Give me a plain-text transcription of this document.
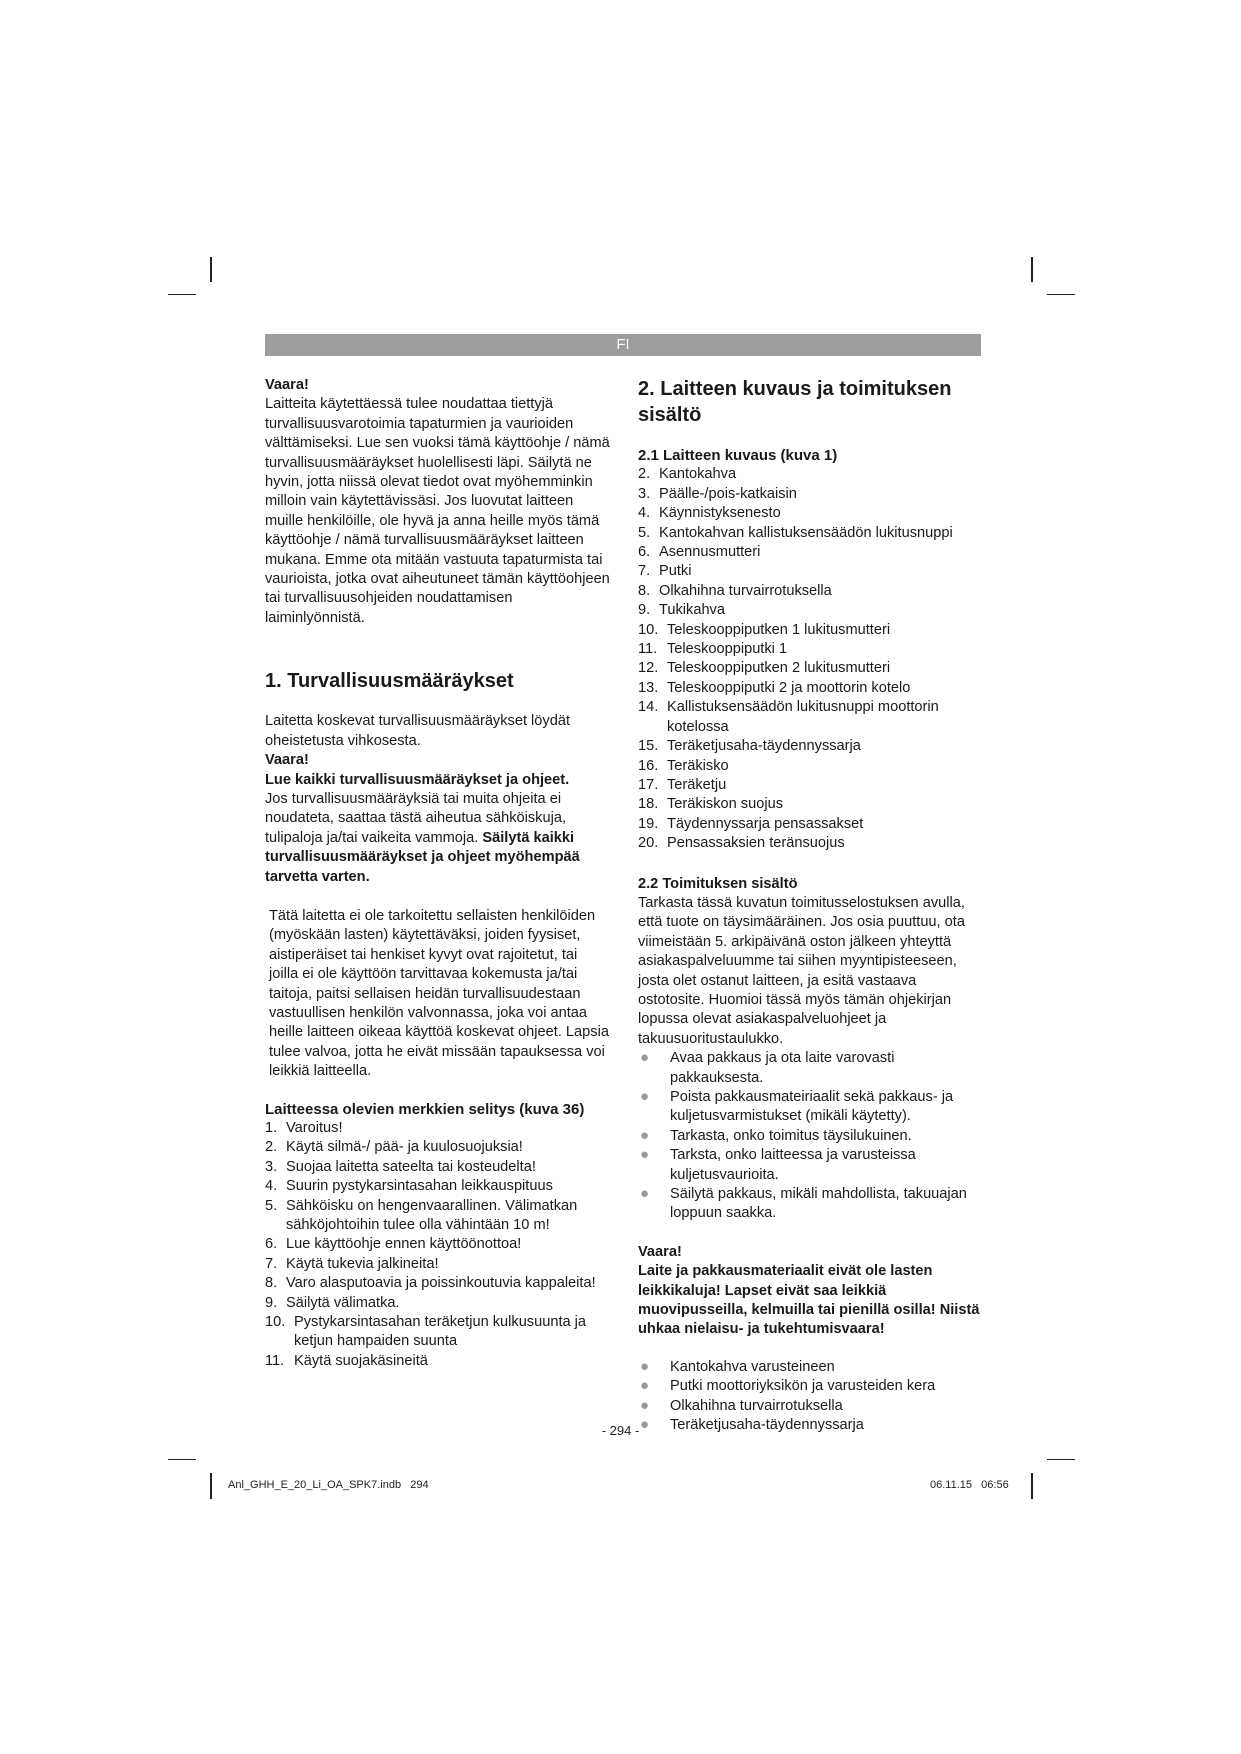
FI

Vaara!

Laitteita käytettäessä tulee noudattaa tiettyjä turvallisuusvarotoimia tapaturmien ja vaurioiden välttämiseksi. Lue sen vuoksi tämä käyttöohje / nämä turvallisuusmääräykset huolellisesti läpi. Säilytä ne hyvin, jotta niissä olevat tiedot ovat myöhemminkin milloin vain käytettävissäsi. Jos luovutat laitteen muille henkilöille, ole hyvä ja anna heille myös tämä käyttöohje / nämä turvallisuusmääräykset laitteen mukana. Emme ota mitään vastuuta tapaturmista tai vaurioista, jotka ovat aiheutuneet tämän käyttöohjeen tai turvallisuusohjeiden noudattamisen laiminlyönnistä.

1. Turvallisuusmääräykset

Laitetta koskevat turvallisuusmääräykset löydät oheistetusta vihkosesta.

Vaara!

Lue kaikki turvallisuusmääräykset ja ohjeet.

Jos turvallisuusmääräyksiä tai muita ohjeita ei noudateta, saattaa tästä aiheutua sähköiskuja, tulipaloja ja/tai vaikeita vammoja. Säilytä kaikki turvallisuusmääräykset ja ohjeet myöhempää tarvetta varten.

Tätä laitetta ei ole tarkoitettu sellaisten henkilöiden (myöskään lasten) käytettäväksi, joiden fyysiset, aistiperäiset tai henkiset kyvyt ovat rajoitetut, tai joilla ei ole käyttöön tarvittavaa kokemusta ja/tai taitoja, paitsi sellaisen heidän turvallisuudestaan vastuullisen henkilön valvonnassa, joka voi antaa heille laitteen oikeaa käyttöä koskevat ohjeet. Lapsia tulee valvoa, jotta he eivät missään tapauksessa voi leikkiä laitteella.

Laitteessa olevien merkkien selitys (kuva 36)

1. Varoitus!
2. Käytä silmä-/ pää- ja kuulosuojuksia!
3. Suojaa laitetta sateelta tai kosteudelta!
4. Suurin pystykarsintasahan leikkauspituus
5. Sähköisku on hengenvaarallinen. Välimatkan sähköjohtoihin tulee olla vähintään 10 m!
6. Lue käyttöohje ennen käyttöönottoa!
7. Käytä tukevia jalkineita!
8. Varo alasputoavia ja poissinkoutuvia kappaleita!
9. Säilytä välimatka.
10. Pystykarsintasahan teräketjun kulkusuunta ja ketjun hampaiden suunta
11. Käytä suojakäsineitä

2. Laitteen kuvaus ja toimituksen sisältö

2.1 Laitteen kuvaus (kuva 1)

2. Kantokahva
3. Päälle-/pois-katkaisin
4. Käynnistyksenesto
5. Kantokahvan kallistuksensäädön lukitusnuppi
6. Asennusmutteri
7. Putki
8. Olkahihna turvairrotuksella
9. Tukikahva
10. Teleskooppiputken 1 lukitusmutteri
11. Teleskooppiputki 1
12. Teleskooppiputken 2 lukitusmutteri
13. Teleskooppiputki 2 ja moottorin kotelo
14. Kallistuksensäädön lukitusnuppi moottorin kotelossa
15. Teräketjusaha-täydennyssarja
16. Teräkisko
17. Teräketju
18. Teräkiskon suojus
19. Täydennyssarja pensassakset
20. Pensassaksien teränsuojus

2.2 Toimituksen sisältö

Tarkasta tässä kuvatun toimitusselostuksen avulla, että tuote on täysimääräinen. Jos osia puuttuu, ota viimeistään 5. arkipäivänä oston jälkeen yhteyttä asiakaspalveluumme tai siihen myyntipisteeseen, josta olet ostanut laitteen, ja esitä vastaava ostotosite. Huomioi tässä myös tämän ohjekirjan lopussa olevat asiakaspalveluohjeet ja takuusuoritustaulukko.

● Avaa pakkaus ja ota laite varovasti pakkauksesta.
● Poista pakkausmateiriaalit sekä pakkaus- ja kuljetusvarmistukset (mikäli käytetty).
● Tarkasta, onko toimitus täysilukuinen.
● Tarksta, onko laitteessa ja varusteissa kuljetusvaurioita.
● Säilytä pakkaus, mikäli mahdollista, takuuajan loppuun saakka.

Vaara!

Laite ja pakkausmateriaalit eivät ole lasten leikkikaluja! Lapset eivät saa leikkiä muovipusseilla, kelmuilla tai pienillä osilla! Niistä uhkaa nielaisu- ja tukehtumisvaara!

● Kantokahva varusteineen
● Putki moottoriyksikön ja varusteiden kera
● Olkahihna turvairrotuksella
● Teräketjusaha-täydennyssarja
- 294 -
Anl_GHH_E_20_Li_OA_SPK7.indb   294	06.11.15   06:56
